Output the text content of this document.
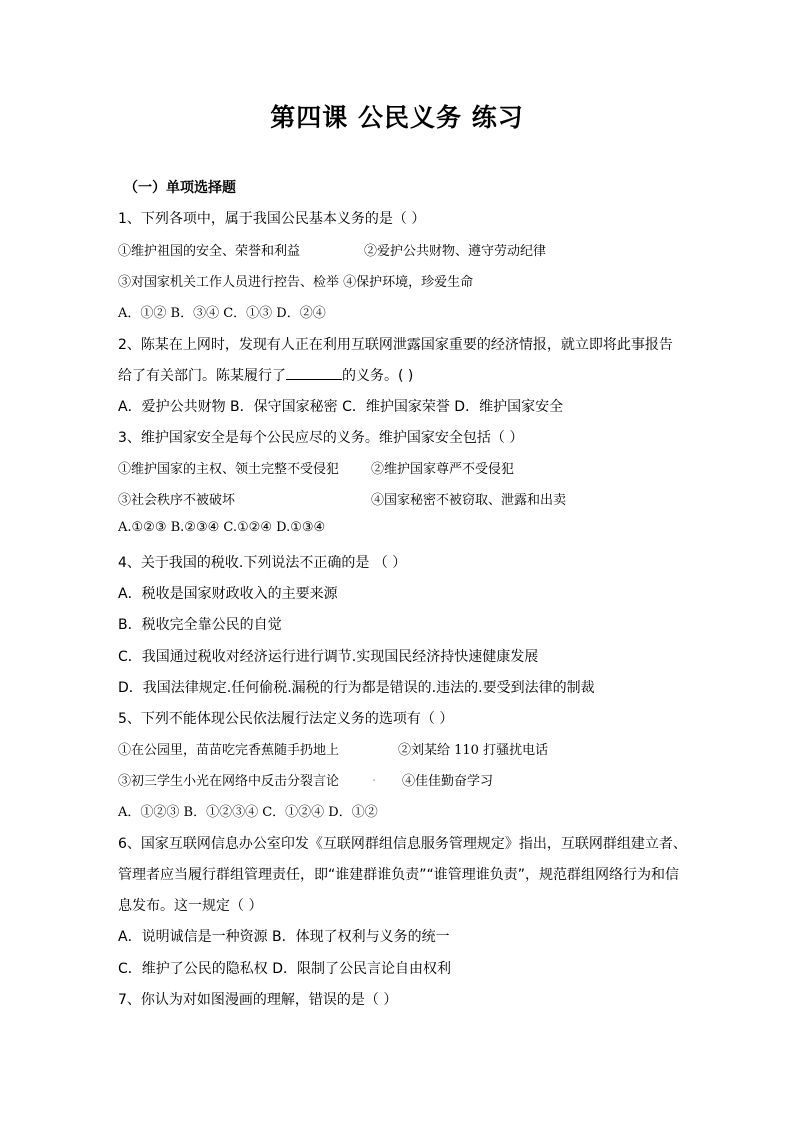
第四课 公民义务 练习
（一）单项选择题
1、下列各项中，属于我国公民基本义务的是（ ）
①维护祖国的安全、荣誉和利益	②爱护公共财物、遵守劳动纪律
③对国家机关工作人员进行控告、检举 ④保护环境，珍爱生命
A．①② B．③④ C．①③ D．②④
2、陈某在上网时，发现有人正在利用互联网泄露国家重要的经济情报，就立即将此事报告
给了有关部门。陈某履行了	的义务。( )
A．爱护公共财物 B．保守国家秘密 C．维护国家荣誉 D．维护国家安全
3、维护国家安全是每个公民应尽的义务。维护国家安全包括（ ）
①维护国家的主权、领土完整不受侵犯 ②维护国家尊严不受侵犯
③社会秩序不被破坏	④国家秘密不被窃取、泄露和出卖
A.①②③ B.②③④ C.①②④ D.①③④
4、关于我国的税收.下列说法不正确的是 （ ）
A．税收是国家财政收入的主要来源
B．税收完全靠公民的自觉
C．我国通过税收对经济运行进行调节.实现国民经济持快速健康发展
D．我国法律规定.任何偷税.漏税的行为都是错误的.违法的.要受到法律的制裁
5、下列不能体现公民依法履行法定义务的选项有（ ）
①在公园里，苗苗吃完香蕉随手扔地上	②刘某给 110 打骚扰电话
③初三学生小光在网络中反击分裂言论	. ④佳佳勤奋学习
A．①②③ B．①②③④ C．①②④ D．①②
6、国家互联网信息办公室印发《互联网群组信息服务管理规定》指出，互联网群组建立者、
管理者应当履行群组管理责任，即“谁建群谁负责”“谁管理谁负责”，规范群组网络行为和信
息发布。这一规定（ ）
A．说明诚信是一种资源 B．体现了权利与义务的统一
C．维护了公民的隐私权 D．限制了公民言论自由权利
7、你认为对如图漫画的理解，错误的是（ ）
